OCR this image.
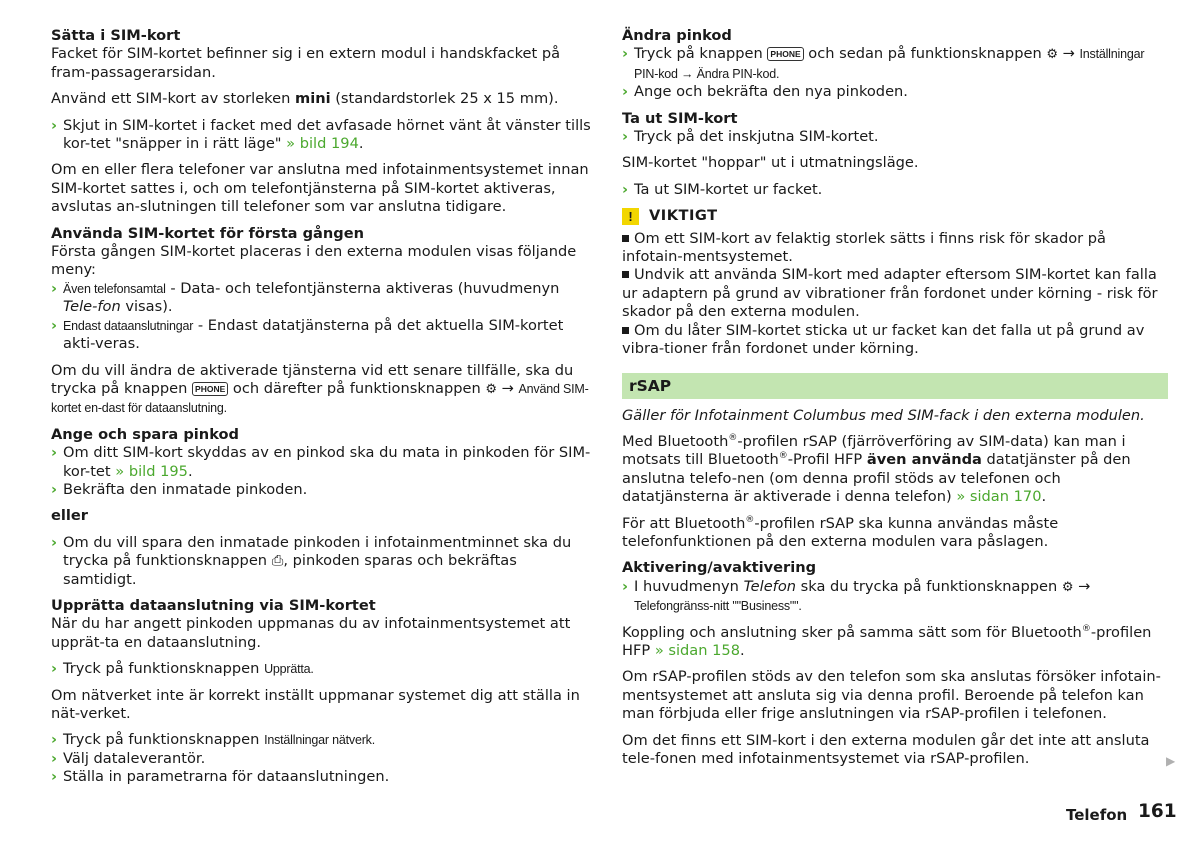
Sätta i SIM-kort

Facket för SIM-kortet befinner sig i en extern modul i handskfacket på fram-passagerarsidan.

Använd ett SIM-kort av storleken mini (standardstorlek 25 x 15 mm).

› Skjut in SIM-kortet i facket med det avfasade hörnet vänt åt vänster tills kor-tet "snäpper in i rätt läge" » bild 194.

Om en eller flera telefoner var anslutna med infotainmentsystemet innan SIM-kortet sattes i, och om telefontjänsterna på SIM-kortet aktiveras, avslutas an-slutningen till telefoner som var anslutna tidigare.

Använda SIM-kortet för första gången

Första gången SIM-kortet placeras i den externa modulen visas följande meny:

› Även telefonsamtal - Data- och telefontjänsterna aktiveras (huvudmenyn Tele-fon visas).

› Endast dataanslutningar - Endast datatjänsterna på det aktuella SIM-kortet akti-veras.

Om du vill ändra de aktiverade tjänsterna vid ett senare tillfälle, ska du trycka på knappen PHONE och därefter på funktionsknappen ⚙ → Använd SIM-kortet en-dast för dataanslutning.

Ange och spara pinkod

› Om ditt SIM-kort skyddas av en pinkod ska du mata in pinkoden för SIM-kor-tet » bild 195.

› Bekräfta den inmatade pinkoden.

eller

› Om du vill spara den inmatade pinkoden i infotainmentminnet ska du trycka på funktionsknappen ⎙, pinkoden sparas och bekräftas samtidigt.

Upprätta dataanslutning via SIM-kortet

När du har angett pinkoden uppmanas du av infotainmentsystemet att upprät-ta en dataanslutning.

› Tryck på funktionsknappen Upprätta.

Om nätverket inte är korrekt inställt uppmanar systemet dig att ställa in nät-verket.

› Tryck på funktionsknappen Inställningar nätverk.

› Välj dataleverantör.

› Ställa in parametrarna för dataanslutningen.

Ändra pinkod

› Tryck på knappen PHONE och sedan på funktionsknappen ⚙ → Inställningar PIN-kod → Ändra PIN-kod.

› Ange och bekräfta den nya pinkoden.

Ta ut SIM-kort

› Tryck på det inskjutna SIM-kortet.

SIM-kortet "hoppar" ut i utmatningsläge.

› Ta ut SIM-kortet ur facket.

!	VIKTIGT

Om ett SIM-kort av felaktig storlek sätts i finns risk för skador på infotain-mentsystemet.

Undvik att använda SIM-kort med adapter eftersom SIM-kortet kan falla ur adaptern på grund av vibrationer från fordonet under körning - risk för skador på den externa modulen.

Om du låter SIM-kortet sticka ut ur facket kan det falla ut på grund av vibra-tioner från fordonet under körning.

rSAP

Gäller för Infotainment Columbus med SIM-fack i den externa modulen.

Med Bluetooth®-profilen rSAP (fjärröverföring av SIM-data) kan man i motsats till Bluetooth®-Profil HFP även använda datatjänster på den anslutna telefo-nen (om denna profil stöds av telefonen och datatjänsterna är aktiverade i denna telefon) » sidan 170.

För att Bluetooth®-profilen rSAP ska kunna användas måste telefonfunktionen på den externa modulen vara påslagen.

Aktivering/avaktivering

› I huvudmenyn Telefon ska du trycka på funktionsknappen ⚙ → Telefongränss-nitt ""Business"".

Koppling och anslutning sker på samma sätt som för Bluetooth®-profilen HFP » sidan 158.

Om rSAP-profilen stöds av den telefon som ska anslutas försöker infotain-mentsystemet att ansluta sig via denna profil. Beroende på telefon kan man förbjuda eller frige anslutningen via rSAP-profilen i telefonen.

Om det finns ett SIM-kort i den externa modulen går det inte att ansluta tele-fonen med infotainmentsystemet via rSAP-profilen.	▶
Telefon 161
